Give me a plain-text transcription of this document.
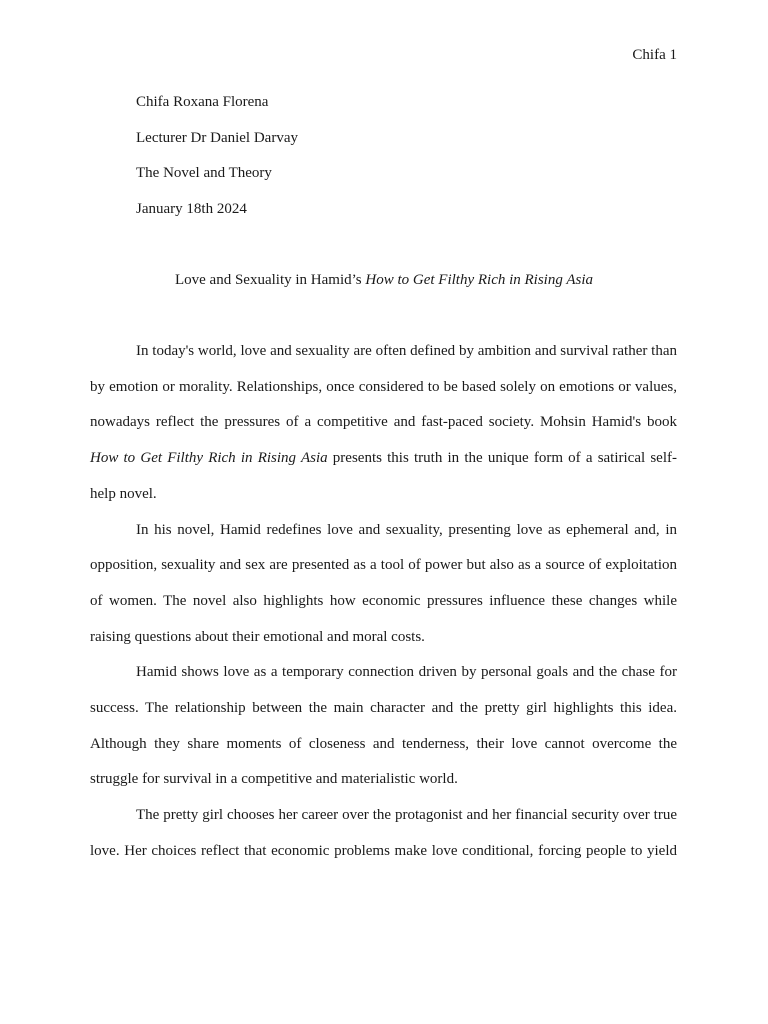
Chifa 1
Chifa Roxana Florena
Lecturer Dr Daniel Darvay
The Novel and Theory
January 18th 2024
Love and Sexuality in Hamid’s How to Get Filthy Rich in Rising Asia

In today's world, love and sexuality are often defined by ambition and survival rather than by emotion or morality. Relationships, once considered to be based solely on emotions or values, nowadays reflect the pressures of a competitive and fast-paced society. Mohsin Hamid's book How to Get Filthy Rich in Rising Asia presents this truth in the unique form of a satirical self-help novel.

In his novel, Hamid redefines love and sexuality, presenting love as ephemeral and, in opposition, sexuality and sex are presented as a tool of power but also as a source of exploitation of women. The novel also highlights how economic pressures influence these changes while raising questions about their emotional and moral costs.

Hamid shows love as a temporary connection driven by personal goals and the chase for success. The relationship between the main character and the pretty girl highlights this idea. Although they share moments of closeness and tenderness, their love cannot overcome the struggle for survival in a competitive and materialistic world.

The pretty girl chooses her career over the protagonist and her financial security over true love. Her choices reflect that economic problems make love conditional, forcing people to yield
